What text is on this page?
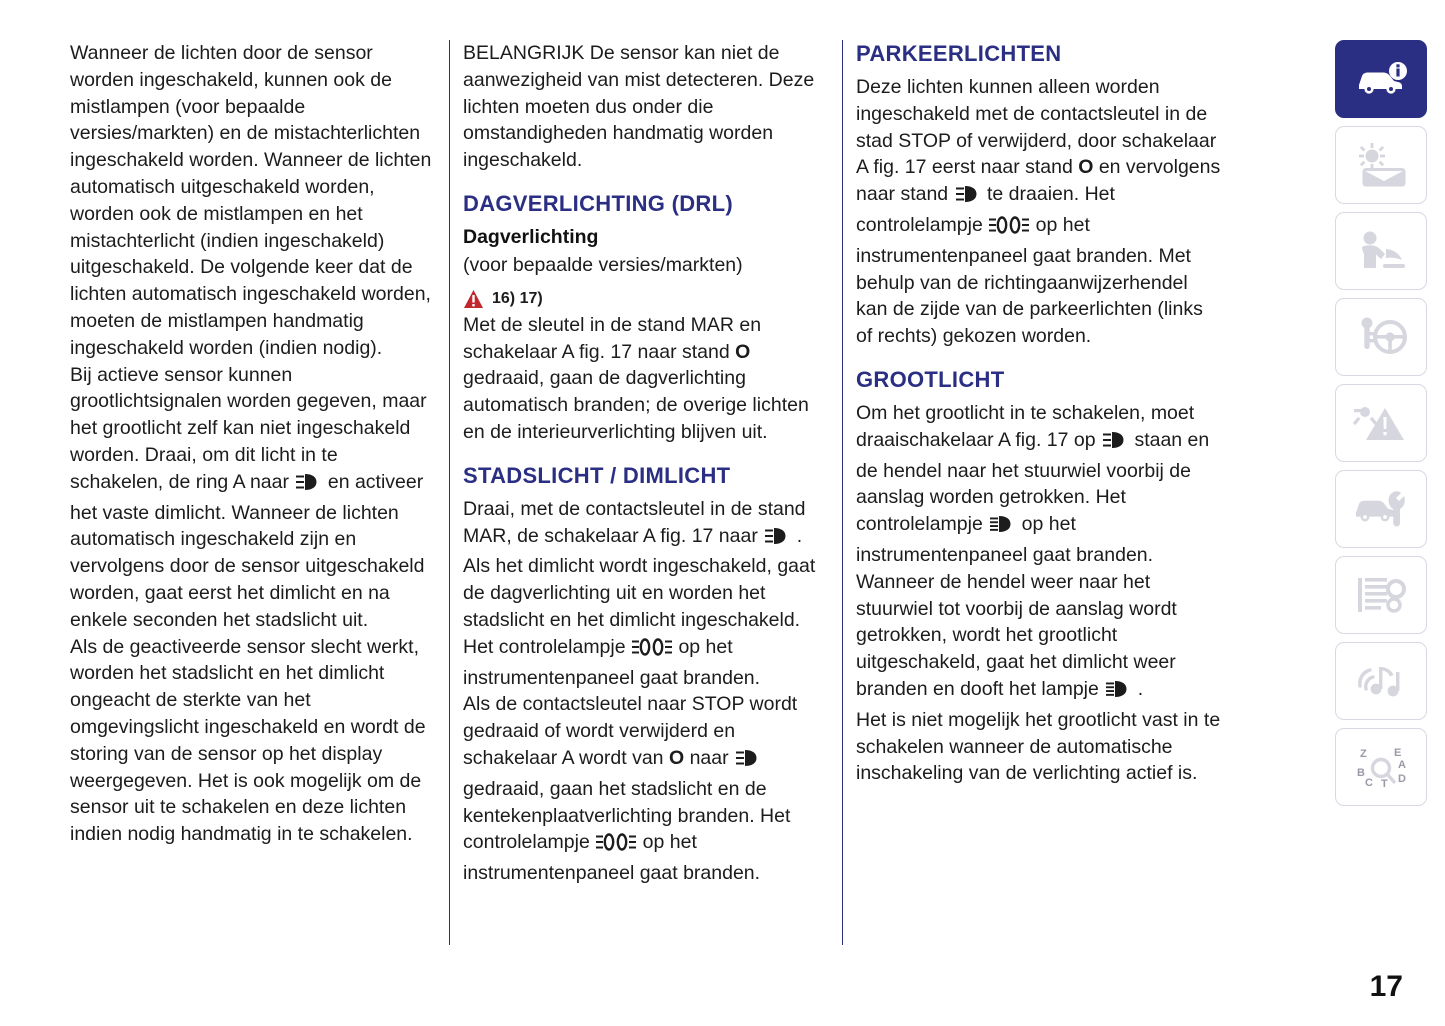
Wanneer de lichten door de sensor worden ingeschakeld, kunnen ook de mistlampen (voor bepaalde versies/markten) en de mistachterlichten ingeschakeld worden. Wanneer de lichten automatisch uitgeschakeld worden, worden ook de mistlampen en het mistachterlicht (indien ingeschakeld) uitgeschakeld. De volgende keer dat de lichten automatisch ingeschakeld worden, moeten de mistlampen handmatig ingeschakeld worden (indien nodig).

Bij actieve sensor kunnen grootlichtsignalen worden gegeven, maar het grootlicht zelf kan niet ingeschakeld worden. Draai, om dit licht in te schakelen, de ring A naar en activeer het vaste dimlicht. Wanneer de lichten automatisch ingeschakeld zijn en vervolgens door de sensor uitgeschakeld worden, gaat eerst het dimlicht en na enkele seconden het stadslicht uit.

Als de geactiveerde sensor slecht werkt, worden het stadslicht en het dimlicht ongeacht de sterkte van het omgevingslicht ingeschakeld en wordt de storing van de sensor op het display weergegeven. Het is ook mogelijk om de sensor uit te schakelen en deze lichten indien nodig handmatig in te schakelen.

BELANGRIJK De sensor kan niet de aanwezigheid van mist detecteren. Deze lichten moeten dus onder die omstandigheden handmatig worden ingeschakeld.

DAGVERLICHTING (DRL)
Dagverlichting

(voor bepaalde versies/markten)

16) 17)

Met de sleutel in de stand MAR en schakelaar A fig. 17 naar stand O gedraaid, gaan de dagverlichting automatisch branden; de overige lichten en de interieurverlichting blijven uit.

STADSLICHT / DIMLICHT

Draai, met de contactsleutel in de stand MAR, de schakelaar A fig. 17 naar . Als het dimlicht wordt ingeschakeld, gaat de dagverlichting uit en worden het stadslicht en het dimlicht ingeschakeld. Het controlelampje	op het instrumentenpaneel gaat branden.

Als de contactsleutel naar STOP wordt gedraaid of wordt verwijderd en schakelaar A wordt van O naar  gedraaid, gaan het stadslicht en de kentekenplaatverlichting branden. Het controlelampje	op het instrumentenpaneel gaat branden.

PARKEERLICHTEN

Deze lichten kunnen alleen worden ingeschakeld met de contactsleutel in de stad STOP of verwijderd, door schakelaar A fig. 17 eerst naar stand O en vervolgens naar stand te draaien. Het controlelampje	op het instrumentenpaneel gaat branden. Met behulp van de richtingaanwijzerhendel kan de zijde van de parkeerlichten (links of rechts) gekozen worden.

GROOTLICHT

Om het grootlicht in te schakelen, moet draaischakelaar A fig. 17 op staan en de hendel naar het stuurwiel voorbij de aanslag worden getrokken. Het controlelampje op het instrumentenpaneel gaat branden. Wanneer de hendel weer naar het stuurwiel tot voorbij de aanslag wordt getrokken, wordt het grootlicht uitgeschakeld, gaat het dimlicht weer branden en dooft het lampje .

Het is niet mogelijk het grootlicht vast in te schakelen wanneer de automatische inschakeling van de verlichting actief is.

Z E
B
A
C T D
17
